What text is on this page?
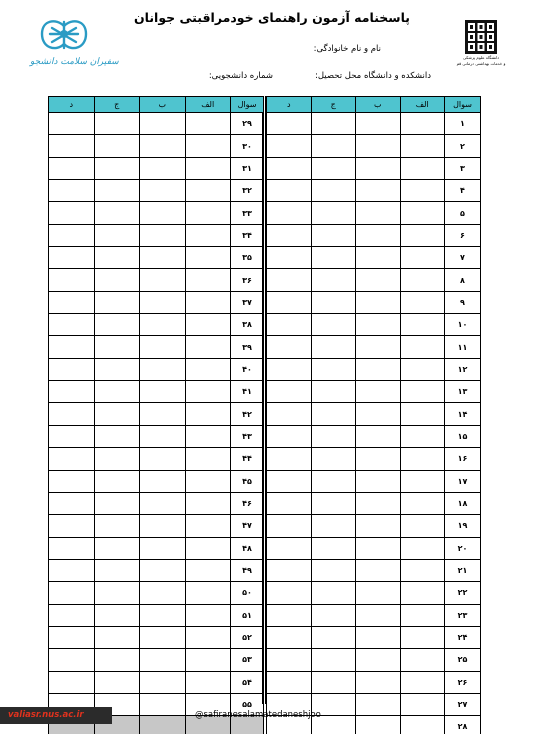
پاسخنامه آزمون راهنمای خودمراقبتی جوانان
نام و نام خانوادگی:
دانشکده و دانشگاه محل تحصیل:
شماره دانشجویی:
دانشگاه علوم پزشکی
و خدمات بهداشتی درمانی قم
سفیران سلامت دانشجو
سوال	الف	ب	ج	د
۱				
۲				
۳				
۴				
۵				
۶				
۷				
۸				
۹				
۱۰				
۱۱				
۱۲				
۱۳				
۱۴				
۱۵				
۱۶				
۱۷				
۱۸				
۱۹				
۲۰				
۲۱				
۲۲				
۲۳				
۲۴				
۲۵				
۲۶				
۲۷				
۲۸				
سوال	الف	ب	ج	د
۲۹				
۳۰				
۳۱				
۳۲				
۳۳				
۳۴				
۳۵				
۳۶				
۳۷				
۳۸				
۳۹				
۴۰				
۴۱				
۴۲				
۴۳				
۴۴				
۴۵				
۴۶				
۴۷				
۴۸				
۴۹				
۵۰				
۵۱				
۵۲				
۵۳				
۵۴				
۵۵				

valiasr.nus.ac.ir	@safiranesalamatedaneshjoo
